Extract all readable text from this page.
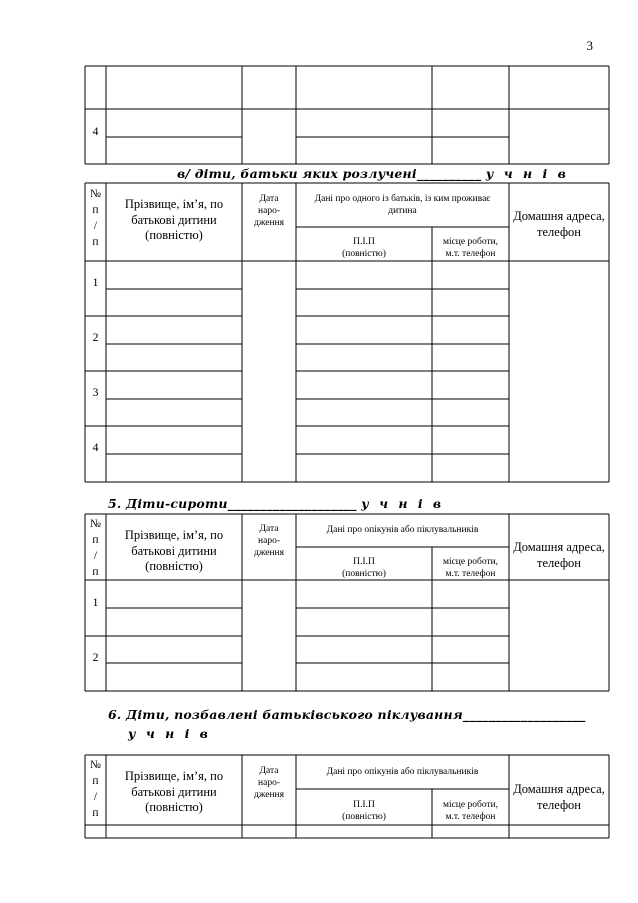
3
4
в/ діти, батьки яких розлучені__________ у ч н і в
№
п
/
п
Прізвище, ім’я, по
батькові дитини
(повністю)
Дата
наро-
дження
Дані про одного із батьків, із ким проживає
дитина
П.І.П
(повністю)
місце роботи,
м.т. телефон
Домашня адреса,
телефон
1
2
3
4
5. Діти-сироти____________________ у ч н і в
№
п
/
п
Прізвище, ім’я, по
батькові дитини
(повністю)
Дата
наро-
дження
Дані про опікунів або піклувальників
П.І.П
(повністю)
місце роботи,
м.т. телефон
Домашня адреса,
телефон
1
2
6. Діти, позбавлені батьківського піклування___________________
у ч н і в
№
п
/
п
Прізвище, ім’я, по
батькові дитини
(повністю)
Дата
наро-
дження
Дані про опікунів або піклувальників
П.І.П
(повністю)
місце роботи,
м.т. телефон
Домашня адреса,
телефон
